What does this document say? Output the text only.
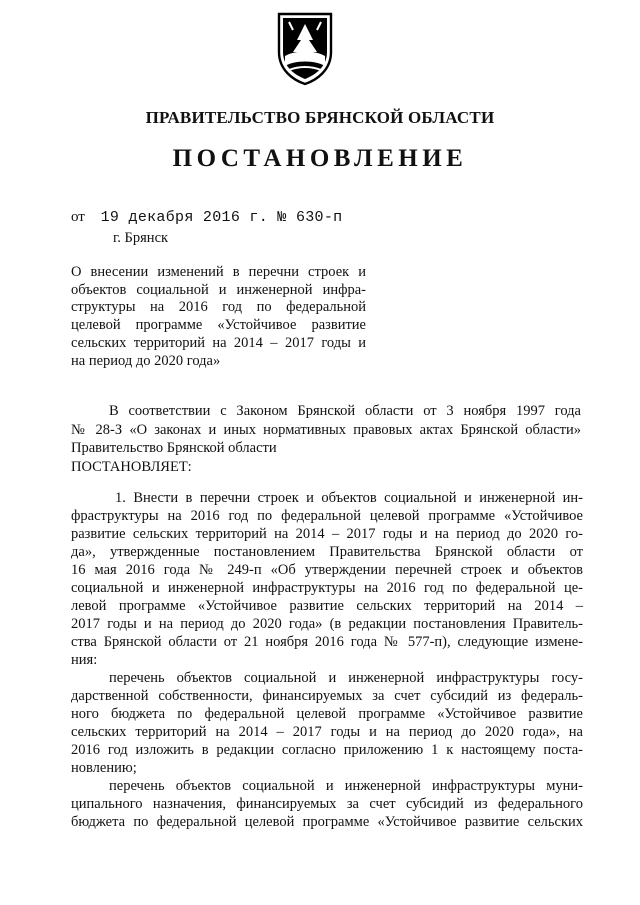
ПРАВИТЕЛЬСТВО БРЯНСКОЙ ОБЛАСТИ
ПОСТАНОВЛЕНИЕ
от 19 декабря 2016 г. № 630-п
г. Брянск
О внесении изменений в перечни строек и
объектов социальной и инженерной инфра-
структуры на 2016 год по федеральной
целевой программе «Устойчивое развитие
сельских территорий на 2014 – 2017 годы и
на период до 2020 года»
В соответствии с Законом Брянской области от 3 ноября 1997 года
№ 28-З «О законах и иных нормативных правовых актах Брянской области»
Правительство Брянской области
ПОСТАНОВЛЯЕТ:
1. Внести в перечни строек и объектов социальной и инженерной ин-
фраструктуры на 2016 год по федеральной целевой программе «Устойчивое
развитие сельских территорий на 2014 – 2017 годы и на период до 2020 го-
да», утвержденные постановлением Правительства Брянской области от
16 мая 2016 года № 249-п «Об утверждении перечней строек и объектов
социальной и инженерной инфраструктуры на 2016 год по федеральной це-
левой программе «Устойчивое развитие сельских территорий на 2014 –
2017 годы и на период до 2020 года» (в редакции постановления Правитель-
ства Брянской области от 21 ноября 2016 года № 577-п), следующие измене-
ния:
перечень объектов социальной и инженерной инфраструктуры госу-
дарственной собственности, финансируемых за счет субсидий из федераль-
ного бюджета по федеральной целевой программе «Устойчивое развитие
сельских территорий на 2014 – 2017 годы и на период до 2020 года», на
2016 год изложить в редакции согласно приложению 1 к настоящему поста-
новлению;
перечень объектов социальной и инженерной инфраструктуры муни-
ципального назначения, финансируемых за счет субсидий из федерального
бюджета по федеральной целевой программе «Устойчивое развитие сельских
